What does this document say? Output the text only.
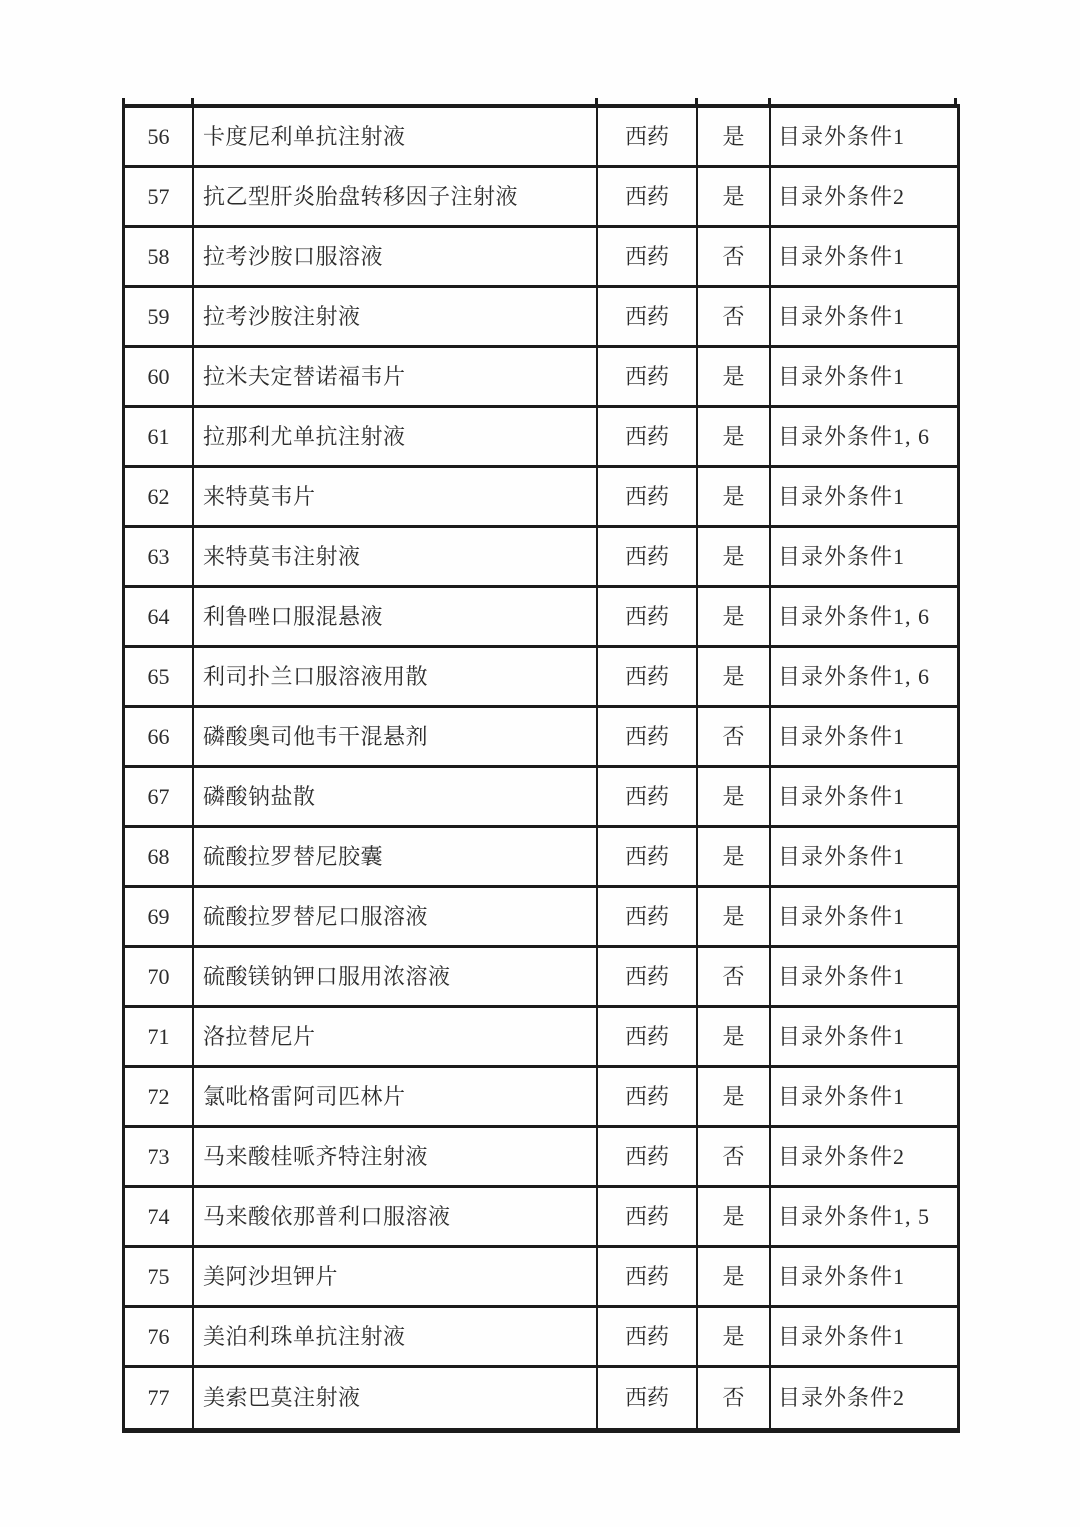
56	卡度尼利单抗注射液	西药	是	目录外条件1
57	抗乙型肝炎胎盘转移因子注射液	西药	是	目录外条件2
58	拉考沙胺口服溶液	西药	否	目录外条件1
59	拉考沙胺注射液	西药	否	目录外条件1
60	拉米夫定替诺福韦片	西药	是	目录外条件1
61	拉那利尤单抗注射液	西药	是	目录外条件1, 6
62	来特莫韦片	西药	是	目录外条件1
63	来特莫韦注射液	西药	是	目录外条件1
64	利鲁唑口服混悬液	西药	是	目录外条件1, 6
65	利司扑兰口服溶液用散	西药	是	目录外条件1, 6
66	磷酸奥司他韦干混悬剂	西药	否	目录外条件1
67	磷酸钠盐散	西药	是	目录外条件1
68	硫酸拉罗替尼胶囊	西药	是	目录外条件1
69	硫酸拉罗替尼口服溶液	西药	是	目录外条件1
70	硫酸镁钠钾口服用浓溶液	西药	否	目录外条件1
71	洛拉替尼片	西药	是	目录外条件1
72	氯吡格雷阿司匹林片	西药	是	目录外条件1
73	马来酸桂哌齐特注射液	西药	否	目录外条件2
74	马来酸依那普利口服溶液	西药	是	目录外条件1, 5
75	美阿沙坦钾片	西药	是	目录外条件1
76	美泊利珠单抗注射液	西药	是	目录外条件1
77	美索巴莫注射液	西药	否	目录外条件2
